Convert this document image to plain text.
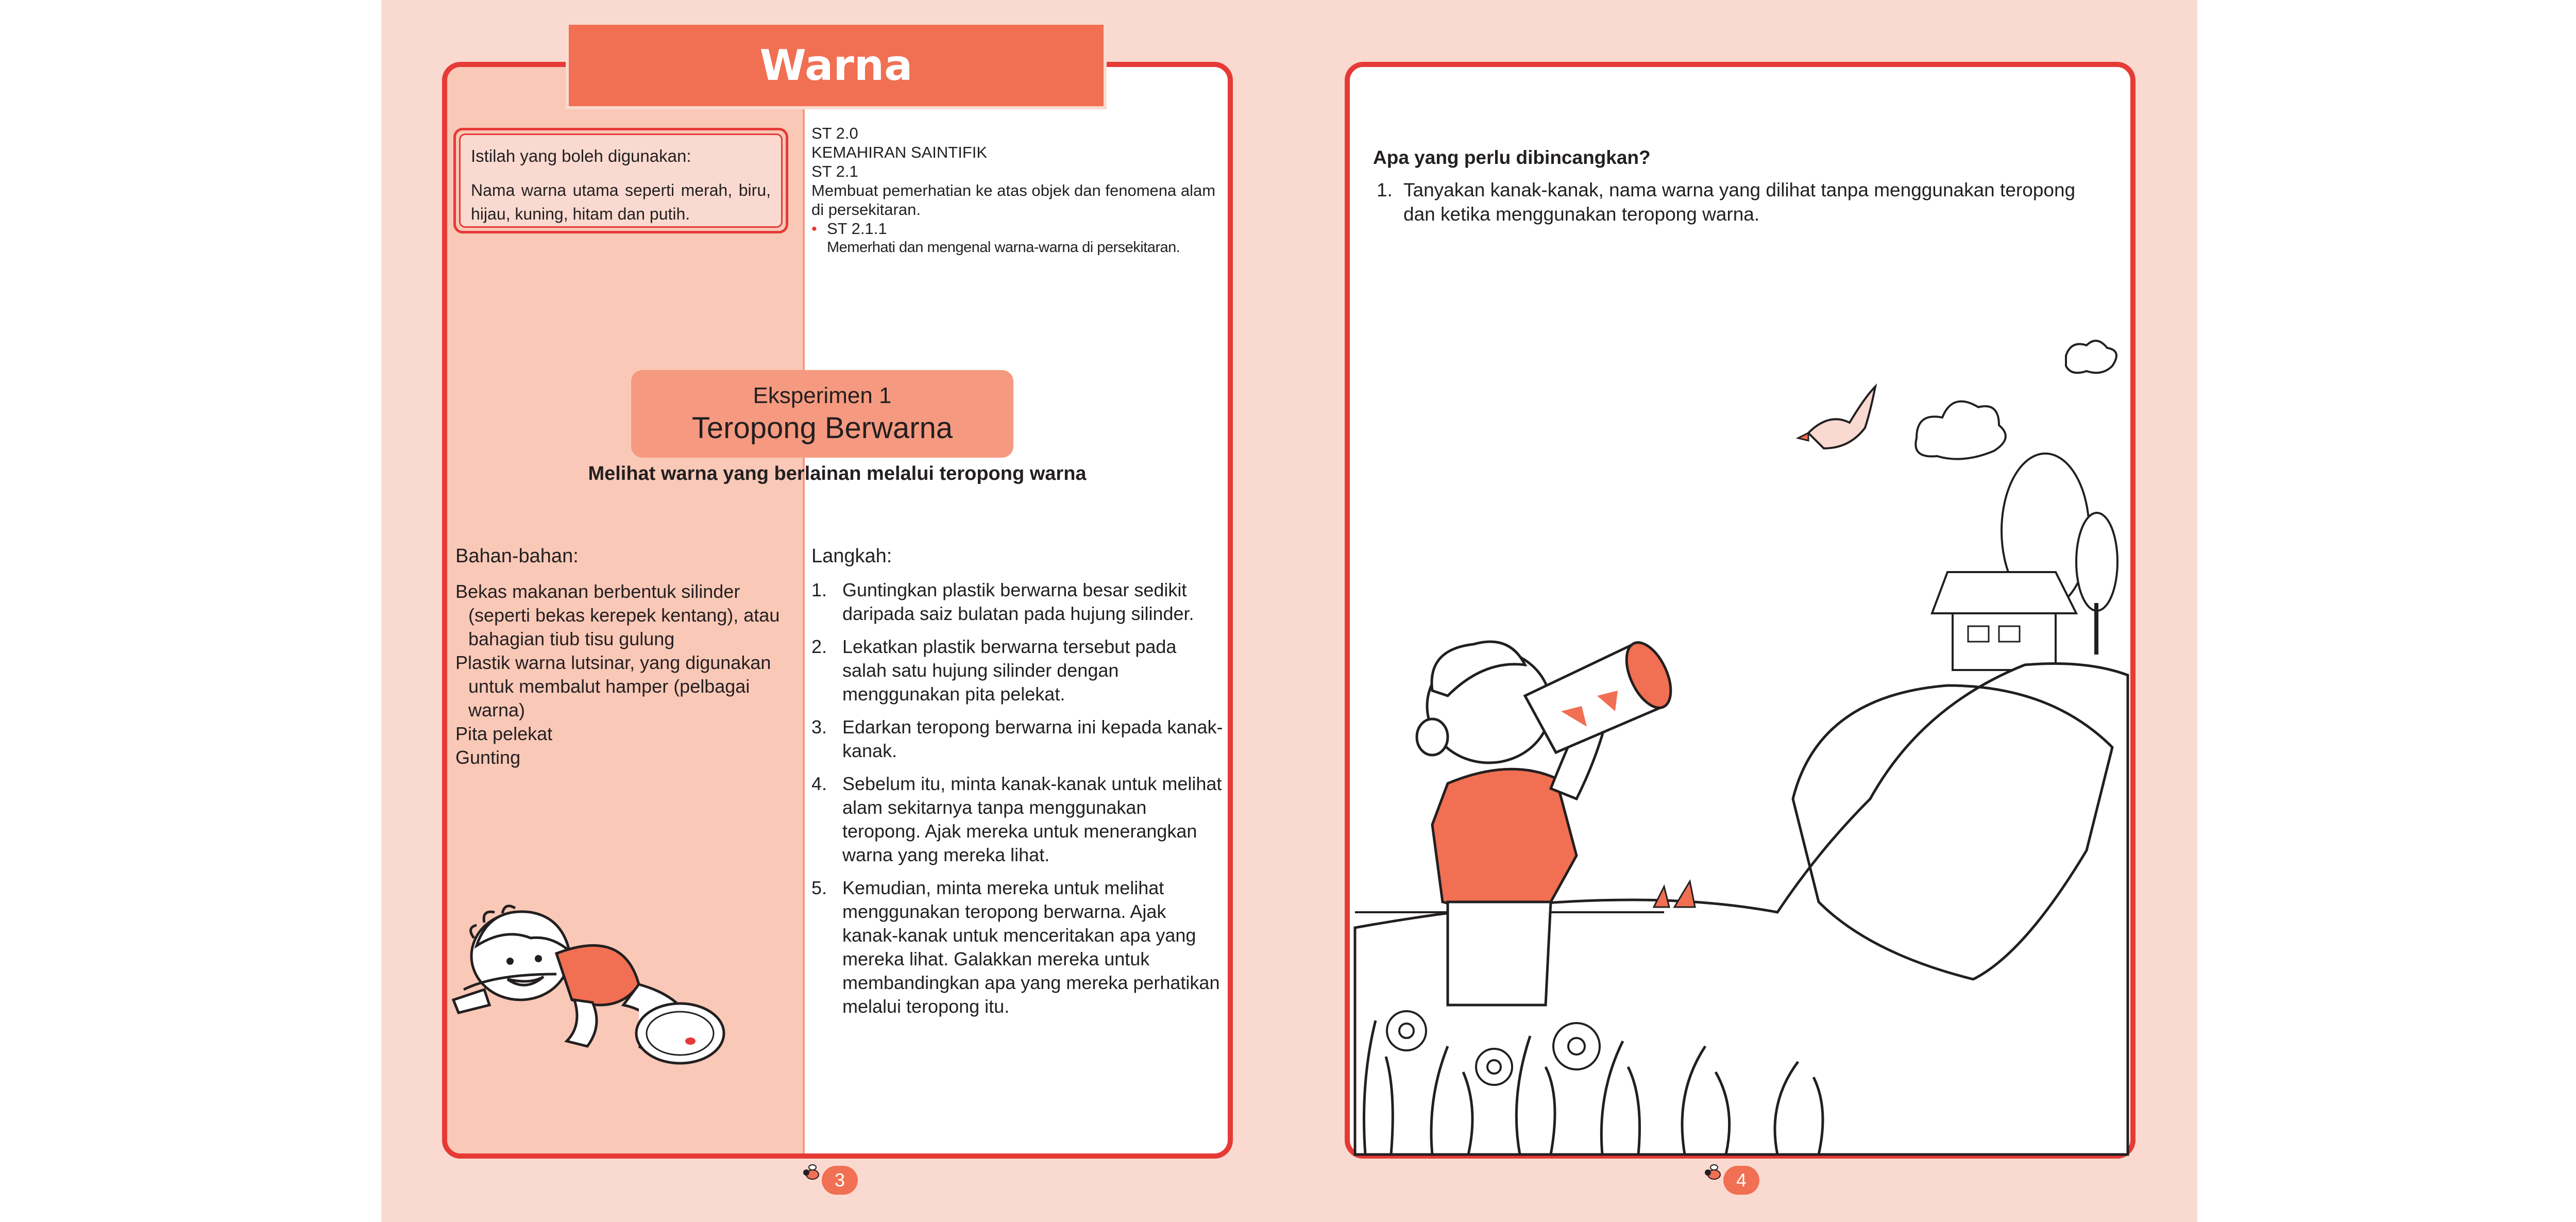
Warna
Istilah yang boleh digunakan:
Nama warna utama seperti merah, biru, hijau, kuning, hitam dan putih.
ST 2.0
KEMAHIRAN SAINTIFIK
ST 2.1
Membuat pemerhatian ke atas objek dan fenomena alam di persekitaran.
• ST 2.1.1
Memerhati dan mengenal warna-warna di persekitaran.
Eksperimen 1
Teropong Berwarna
Melihat warna yang berlainan melalui teropong warna
Bahan-bahan:
Bekas makanan berbentuk silinder (seperti bekas kerepek kentang), atau bahagian tiub tisu gulung
Plastik warna lutsinar, yang digunakan untuk membalut hamper (pelbagai warna)
Pita pelekat
Gunting
Langkah:
1. Guntingkan plastik berwarna besar sedikit daripada saiz bulatan pada hujung silinder.
2. Lekatkan plastik berwarna tersebut pada salah satu hujung silinder dengan menggunakan pita pelekat.
3. Edarkan teropong berwarna ini kepada kanak-kanak.
4. Sebelum itu, minta kanak-kanak untuk melihat alam sekitarnya tanpa menggunakan teropong. Ajak mereka untuk menerangkan warna yang mereka lihat.
5. Kemudian, minta mereka untuk melihat menggunakan teropong berwarna. Ajak kanak-kanak untuk menceritakan apa yang mereka lihat. Galakkan mereka untuk membandingkan apa yang mereka perhatikan melalui teropong itu.
3
Apa yang perlu dibincangkan?
1. Tanyakan kanak-kanak, nama warna yang dilihat tanpa menggunakan teropong dan ketika menggunakan teropong warna.
4
